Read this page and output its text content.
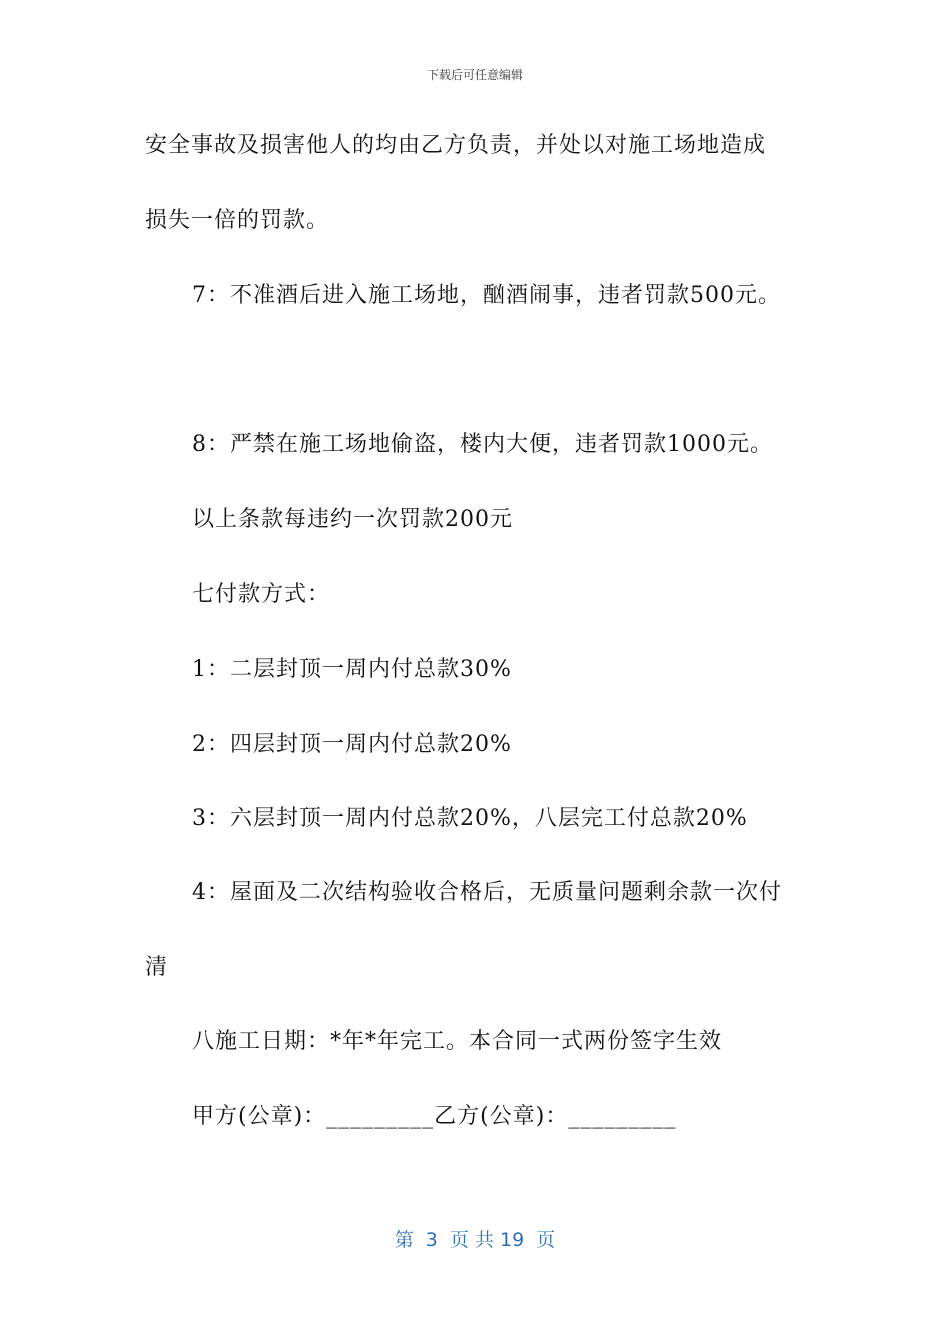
下载后可任意编辑
安全事故及损害他人的均由乙方负责，并处以对施工场地造成
损失一倍的罚款。
7：不准酒后进入施工场地，酗酒闹事，违者罚款500元。
8：严禁在施工场地偷盗，楼内大便，违者罚款1000元。
以上条款每违约一次罚款200元
七付款方式：
1：二层封顶一周内付总款30%
2：四层封顶一周内付总款20%
3：六层封顶一周内付总款20%，八层完工付总款20%
4：屋面及二次结构验收合格后，无质量问题剩余款一次付
清
八施工日期：*年*年完工。本合同一式两份签字生效
甲方(公章)：_________乙方(公章)：_________
第  3  页 共 19  页
